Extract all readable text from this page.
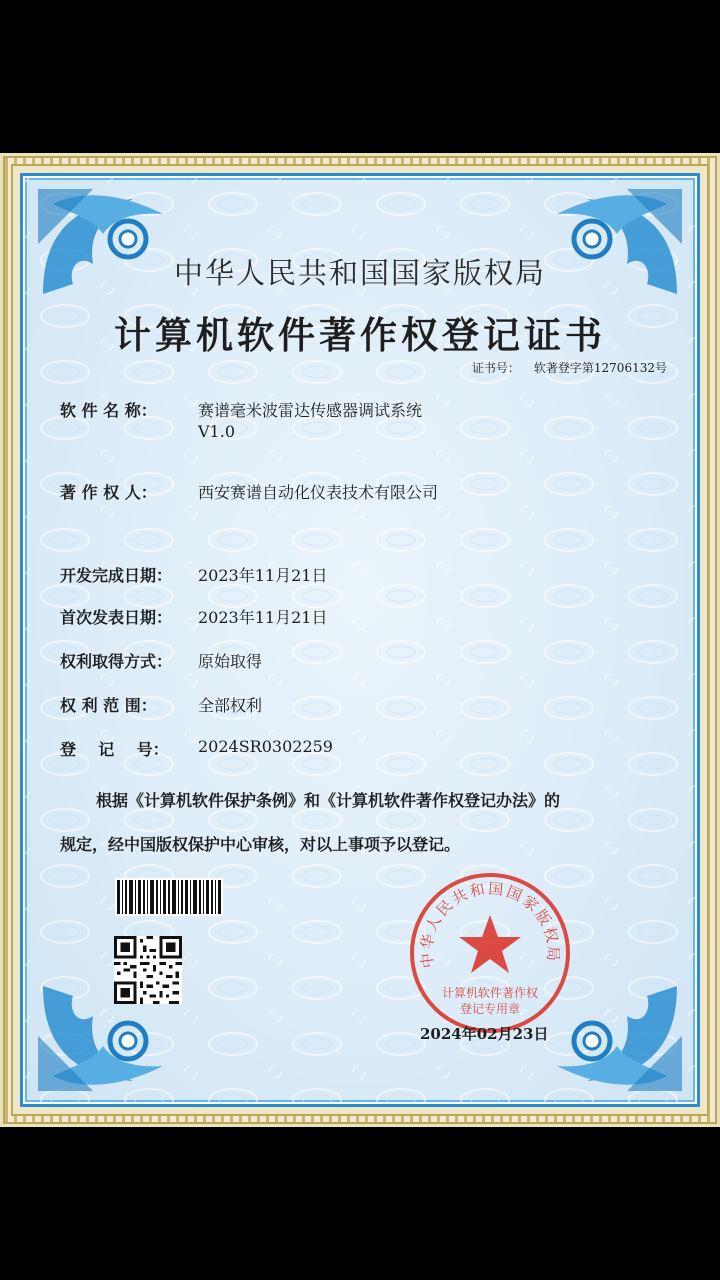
中华人民共和国国家版权局
计算机软件著作权登记证书
证书号： 软著登字第12706132号
软 件 名 称：	赛谱毫米波雷达传感器调试系统
V1.0
著 作 权 人：	西安赛谱自动化仪表技术有限公司
开发完成日期： 2023年11月21日
首次发表日期： 2023年11月21日
权利取得方式： 原始取得
权 利 范 围：	全部权利
登    记    号： 2024SR0302259
根据《计算机软件保护条例》和《计算机软件著作权登记办法》的
规定，经中国版权保护中心审核，对以上事项予以登记。
中华人民共和国国家版权局
计算机软件著作权
登记专用章
2024年02月23日
